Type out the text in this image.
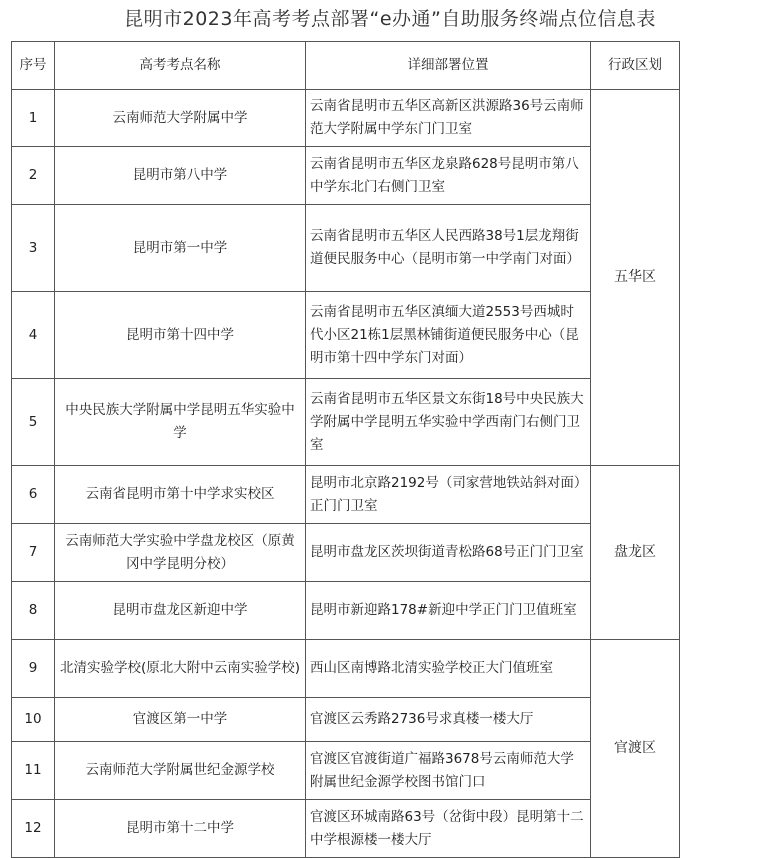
昆明市2023年高考考点部署“e办通”自助服务终端点位信息表
序号	高考考点名称	详细部署位置	行政区划
1	云南师范大学附属中学	云南省昆明市五华区高新区洪源路36号云南师范大学附属中学东门门卫室	五华区
2	昆明市第八中学	云南省昆明市五华区龙泉路628号昆明市第八中学东北门右侧门卫室	
3	昆明市第一中学	云南省昆明市五华区人民西路38号1层龙翔街道便民服务中心（昆明市第一中学南门对面）	
4	昆明市第十四中学	云南省昆明市五华区滇缅大道2553号西城时代小区21栋1层黑林铺街道便民服务中心（昆明市第十四中学东门对面）	
5	中央民族大学附属中学昆明五华实验中学	云南省昆明市五华区景文东街18号中央民族大学附属中学昆明五华实验中学西南门右侧门卫室	
6	云南省昆明市第十中学求实校区	昆明市北京路2192号（司家营地铁站斜对面）正门门卫室	盘龙区
7	云南师范大学实验中学盘龙校区（原黄冈中学昆明分校）	昆明市盘龙区茨坝街道青松路68号正门门卫室	
8	昆明市盘龙区新迎中学	昆明市新迎路178#新迎中学正门门卫值班室	
9	北清实验学校(原北大附中云南实验学校)	西山区南博路北清实验学校正大门值班室	官渡区
10	官渡区第一中学	官渡区云秀路2736号求真楼一楼大厅	
11	云南师范大学附属世纪金源学校	官渡区官渡街道广福路3678号云南师范大学附属世纪金源学校图书馆门口	
12	昆明市第十二中学	官渡区环城南路63号（岔街中段）昆明第十二中学根源楼一楼大厅	
